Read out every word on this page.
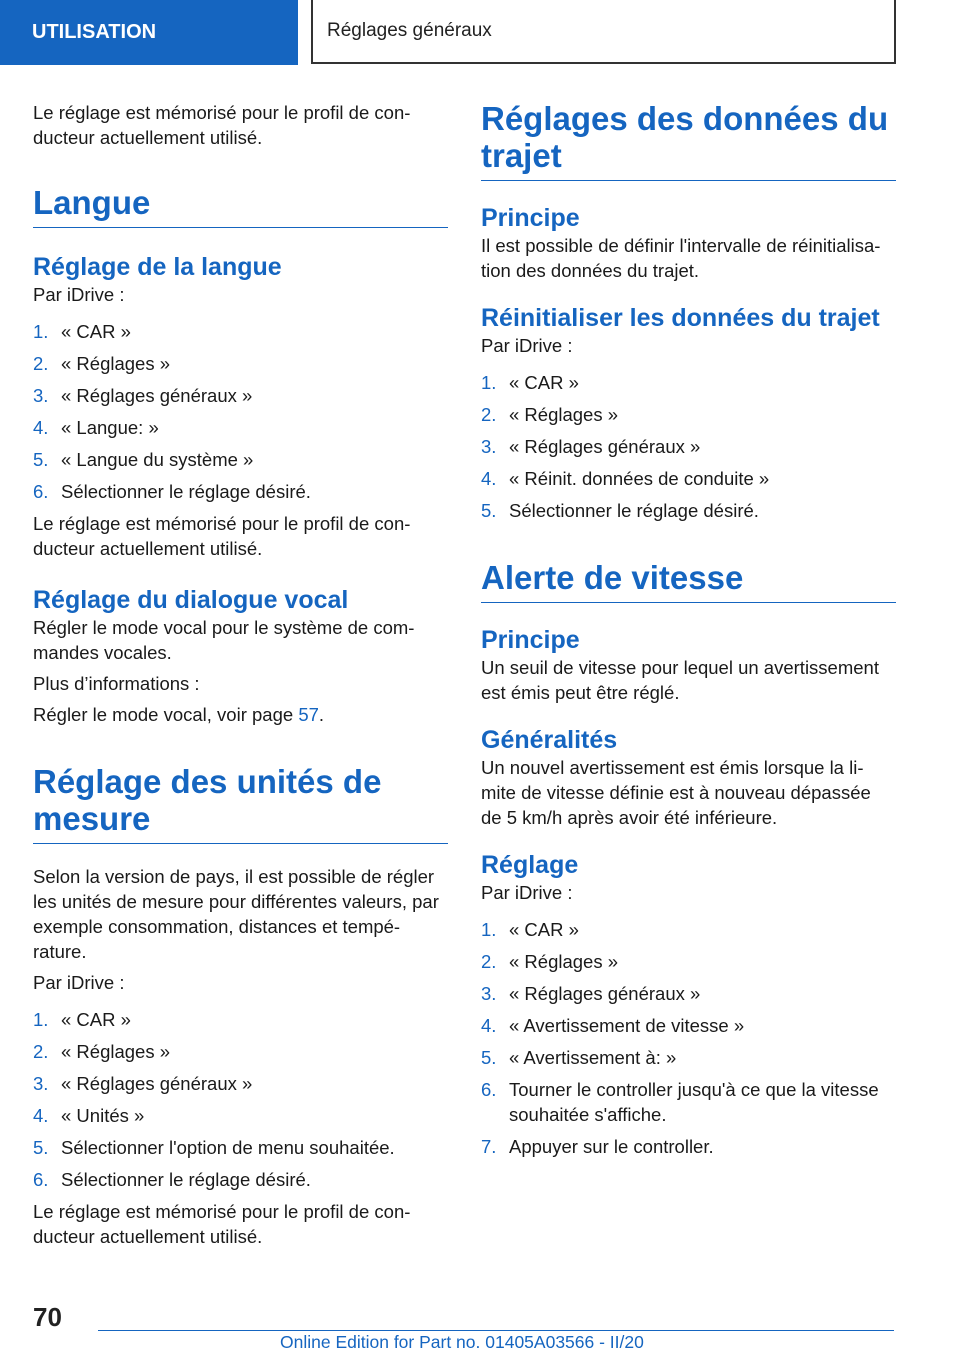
UTILISATION	Réglages généraux

Le réglage est mémorisé pour le profil de con-ducteur actuellement utilisé.

Langue
Réglage de la langue

Par iDrive :

1. « CAR »
2. « Réglages »
3. « Réglages généraux »
4. « Langue: »
5. « Langue du système »
6. Sélectionner le réglage désiré.

Le réglage est mémorisé pour le profil de con-ducteur actuellement utilisé.

Réglage du dialogue vocal

Régler le mode vocal pour le système de com-mandes vocales.

Plus d’informations :

Régler le mode vocal, voir page 57.

Réglage des unités de mesure

Selon la version de pays, il est possible de régler les unités de mesure pour différentes valeurs, par exemple consommation, distances et tempé-rature.

Par iDrive :

1. « CAR »
2. « Réglages »
3. « Réglages généraux »
4. « Unités »
5. Sélectionner l'option de menu souhaitée.
6. Sélectionner le réglage désiré.

Le réglage est mémorisé pour le profil de con-ducteur actuellement utilisé.

Réglages des données du trajet
Principe

Il est possible de définir l'intervalle de réinitialisa-tion des données du trajet.

Réinitialiser les données du trajet

Par iDrive :

1. « CAR »
2. « Réglages »
3. « Réglages généraux »
4. « Réinit. données de conduite »
5. Sélectionner le réglage désiré.
Alerte de vitesse
Principe

Un seuil de vitesse pour lequel un avertissement est émis peut être réglé.

Généralités

Un nouvel avertissement est émis lorsque la li-mite de vitesse définie est à nouveau dépassée de 5 km/h après avoir été inférieure.

Réglage

Par iDrive :

1. « CAR »
2. « Réglages »
3. « Réglages généraux »
4. « Avertissement de vitesse »
5. « Avertissement à: »
6. Tourner le controller jusqu'à ce que la vitesse souhaitée s'affiche.
7. Appuyer sur le controller.
70
Online Edition for Part no. 01405A03566 - II/20
